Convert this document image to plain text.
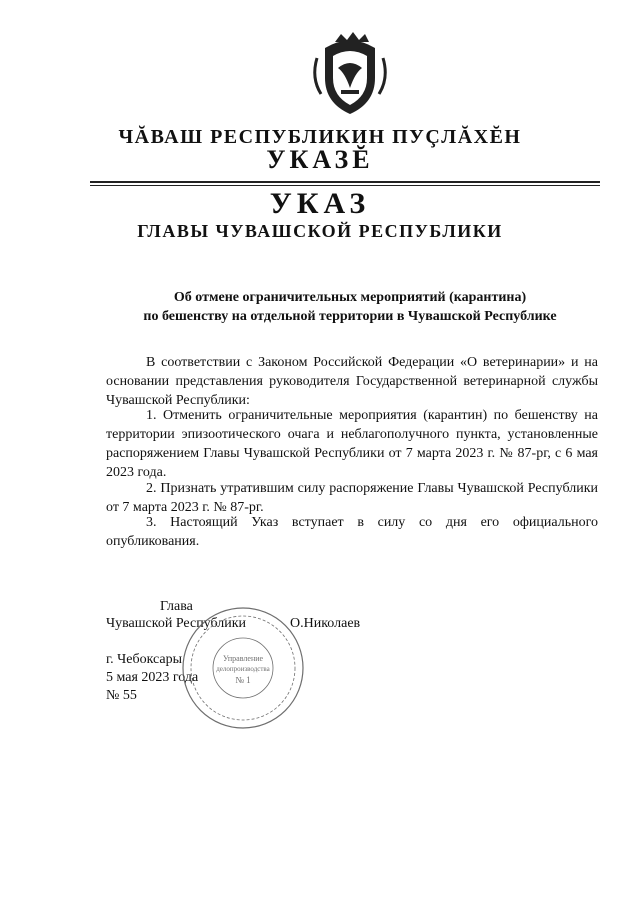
ЧĂВАШ РЕСПУБЛИКИН ПУÇЛĂХĔН
УКАЗĔ
УКАЗ
ГЛАВЫ ЧУВАШСКОЙ РЕСПУБЛИКИ
Об отмене ограничительных мероприятий (карантина)
по бешенству на отдельной территории в Чувашской Республике

В соответствии с Законом Российской Федерации «О ветеринарии» и на основании представления руководителя Государственной ветеринарной службы Чувашской Республики:

1. Отменить ограничительные мероприятия (карантин) по бешенству на территории эпизоотического очага и неблагополучного пункта, установленные распоряжением Главы Чувашской Республики от 7 марта 2023 г. № 87-рг, с 6 мая 2023 года.

2. Признать утратившим силу распоряжение Главы Чувашской Республики от 7 марта 2023 г. № 87-рг.

3. Настоящий Указ вступает в силу со дня его официального опубликования.

Глава
Чувашской Республики	О.Николаев
г. Чебоксары
5 мая 2023 года
№ 55
Управление
делопроизводства
№ 1
